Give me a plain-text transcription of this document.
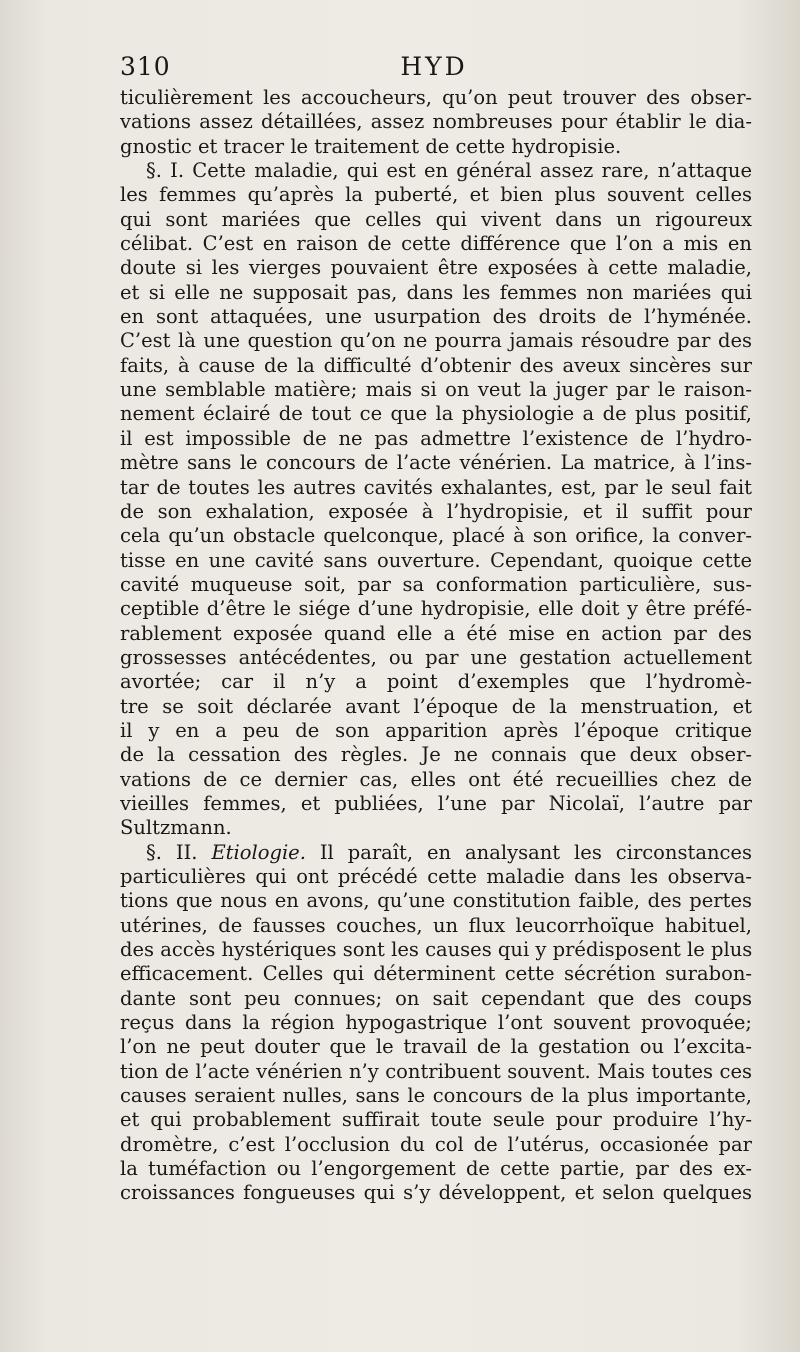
310	HYD
ticulièrement les accoucheurs, qu’on peut trouver des obser-
vations assez détaillées, assez nombreuses pour établir le dia-
gnostic et tracer le traitement de cette hydropisie.
§. I. Cette maladie, qui est en général assez rare, n’attaque
les femmes qu’après la puberté, et bien plus souvent celles
qui sont mariées que celles qui vivent dans un rigoureux
célibat. C’est en raison de cette différence que l’on a mis en
doute si les vierges pouvaient être exposées à cette maladie,
et si elle ne supposait pas, dans les femmes non mariées qui
en sont attaquées, une usurpation des droits de l’hyménée.
C’est là une question qu’on ne pourra jamais résoudre par des
faits, à cause de la difficulté d’obtenir des aveux sincères sur
une semblable matière; mais si on veut la juger par le raison-
nement éclairé de tout ce que la physiologie a de plus positif,
il est impossible de ne pas admettre l’existence de l’hydro-
mètre sans le concours de l’acte vénérien. La matrice, à l’ins-
tar de toutes les autres cavités exhalantes, est, par le seul fait
de son exhalation, exposée à l’hydropisie, et il suffit pour
cela qu’un obstacle quelconque, placé à son orifice, la conver-
tisse en une cavité sans ouverture. Cependant, quoique cette
cavité muqueuse soit, par sa conformation particulière, sus-
ceptible d’être le siége d’une hydropisie, elle doit y être préfé-
rablement exposée quand elle a été mise en action par des
grossesses antécédentes, ou par une gestation actuellement
avortée; car il n’y a point d’exemples que l’hydromè-
tre se soit déclarée avant l’époque de la menstruation, et
il y en a peu de son apparition après l’époque critique
de la cessation des règles. Je ne connais que deux obser-
vations de ce dernier cas, elles ont été recueillies chez de
vieilles femmes, et publiées, l’une par Nicolaï, l’autre par
Sultzmann.
§. II. Etiologie. Il paraît, en analysant les circonstances
particulières qui ont précédé cette maladie dans les observa-
tions que nous en avons, qu’une constitution faible, des pertes
utérines, de fausses couches, un flux leucorrhoïque habituel,
des accès hystériques sont les causes qui y prédisposent le plus
efficacement. Celles qui déterminent cette sécrétion surabon-
dante sont peu connues; on sait cependant que des coups
reçus dans la région hypogastrique l’ont souvent provoquée;
l’on ne peut douter que le travail de la gestation ou l’excita-
tion de l’acte vénérien n’y contribuent souvent. Mais toutes ces
causes seraient nulles, sans le concours de la plus importante,
et qui probablement suffirait toute seule pour produire l’hy-
dromètre, c’est l’occlusion du col de l’utérus, occasionée par
la tuméfaction ou l’engorgement de cette partie, par des ex-
croissances fongueuses qui s’y développent, et selon quelques
